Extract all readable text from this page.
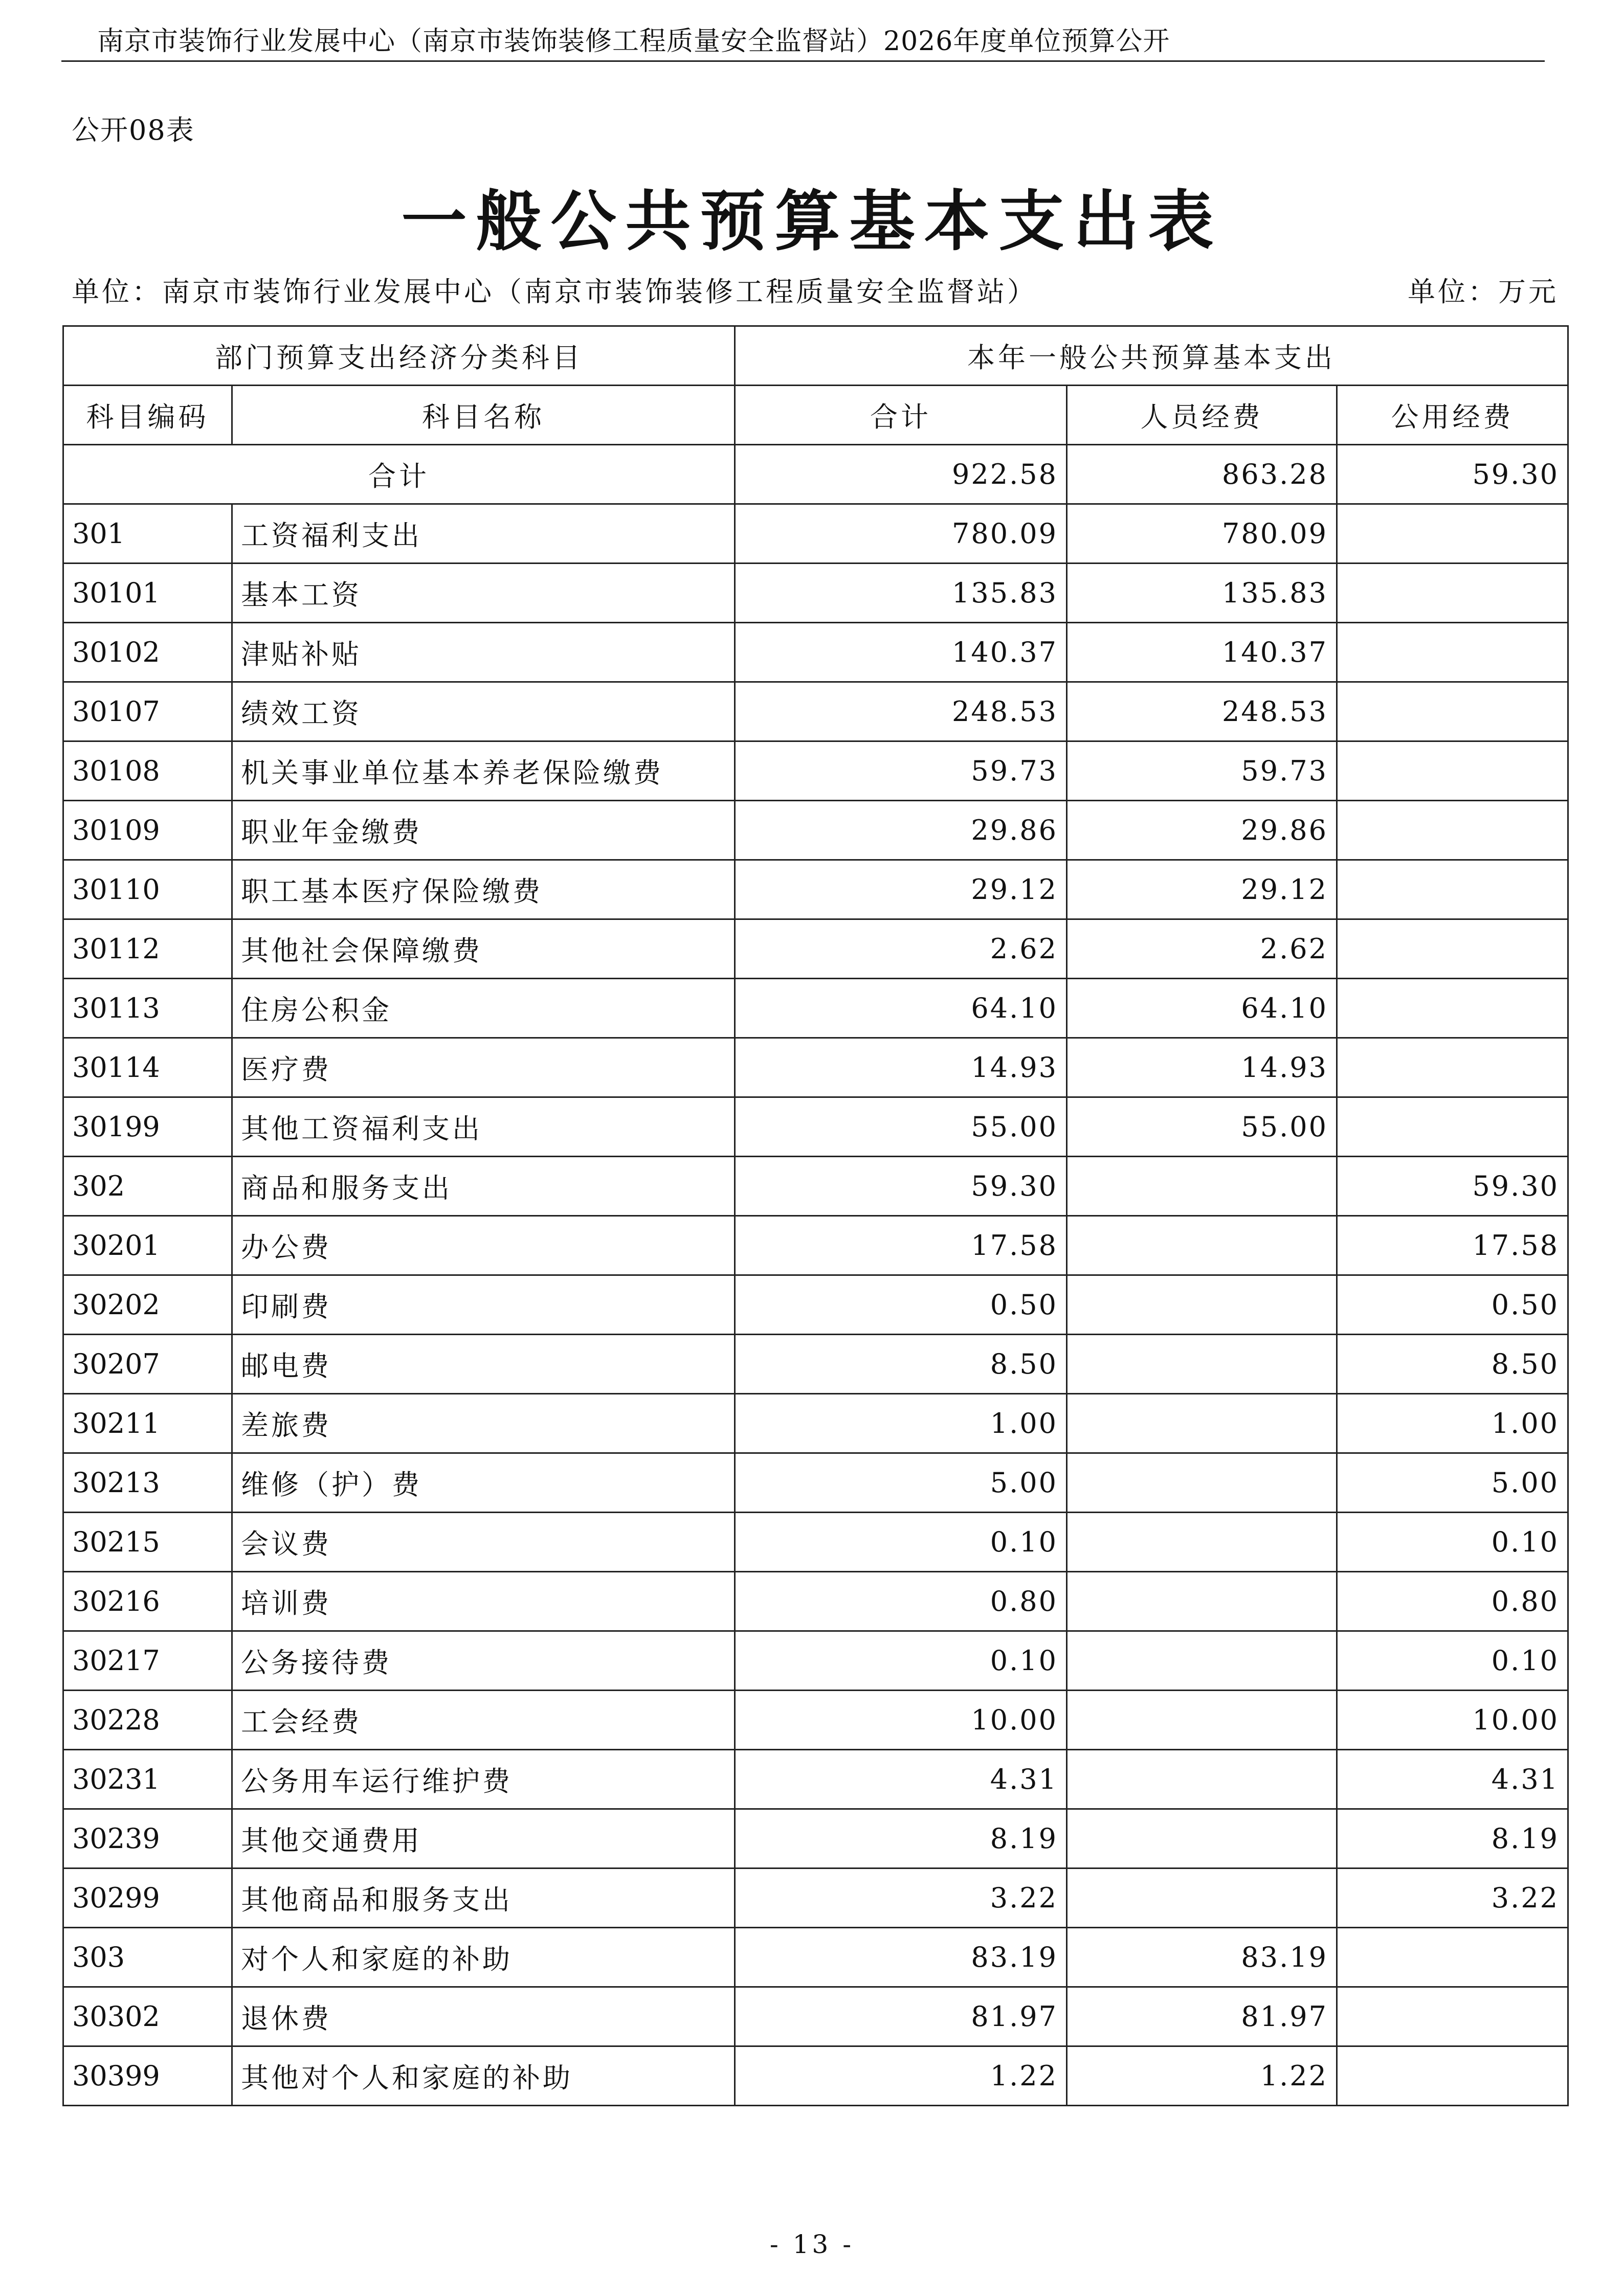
南京市装饰行业发展中心（南京市装饰装修工程质量安全监督站）2026年度单位预算公开
公开08表
一般公共预算基本支出表
单位：南京市装饰行业发展中心（南京市装饰装修工程质量安全监督站）	单位：万元
部门预算支出经济分类科目		本年一般公共预算基本支出		
科目编码	科目名称	合计	人员经费	公用经费
合计		922.58	863.28	59.30
301	工资福利支出	780.09	780.09	
30101	基本工资	135.83	135.83	
30102	津贴补贴	140.37	140.37	
30107	绩效工资	248.53	248.53	
30108	机关事业单位基本养老保险缴费	59.73	59.73	
30109	职业年金缴费	29.86	29.86	
30110	职工基本医疗保险缴费	29.12	29.12	
30112	其他社会保障缴费	2.62	2.62	
30113	住房公积金	64.10	64.10	
30114	医疗费	14.93	14.93	
30199	其他工资福利支出	55.00	55.00	
302	商品和服务支出	59.30		59.30
30201	办公费	17.58		17.58
30202	印刷费	0.50		0.50
30207	邮电费	8.50		8.50
30211	差旅费	1.00		1.00
30213	维修（护）费	5.00		5.00
30215	会议费	0.10		0.10
30216	培训费	0.80		0.80
30217	公务接待费	0.10		0.10
30228	工会经费	10.00		10.00
30231	公务用车运行维护费	4.31		4.31
30239	其他交通费用	8.19		8.19
30299	其他商品和服务支出	3.22		3.22
303	对个人和家庭的补助	83.19	83.19	
30302	退休费	81.97	81.97	
30399	其他对个人和家庭的补助	1.22	1.22	
- 13 -
